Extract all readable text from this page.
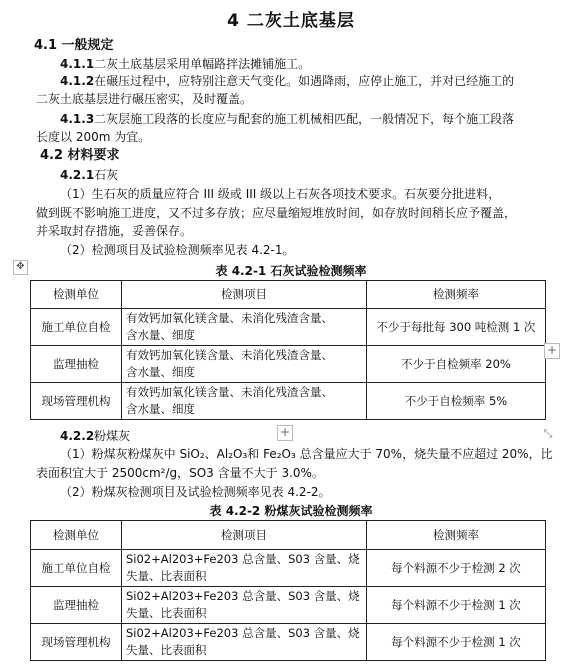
4 二灰土底基层
4.1 一般规定
4.1.1二灰土底基层采用单幅路拌法摊铺施工。
4.1.2在碾压过程中，应特别注意天气变化。如遇降雨，应停止施工，并对已经施工的
二灰土底基层进行碾压密实，及时覆盖。
4.1.3二灰层施工段落的长度应与配套的施工机械相匹配，一般情况下，每个施工段落
长度以 200m 为宜。
4.2 材料要求
4.2.1石灰
（1）生石灰的质量应符合 III 级或 III 级以上石灰各项技术要求。石灰要分批进料，
做到既不影响施工进度，又不过多存放；应尽量缩短堆放时间，如存放时间稍长应予覆盖，
并采取封存措施，妥善保存。
（2）检测项目及试验检测频率见表 4.2-1。
✥	表 4.2-1 石灰试验检测频率
检测单位	检测项目	检测频率
施工单位自检	有效钙加氧化镁含量、未消化残渣含量、
含水量、细度	不少于每批每 300 吨检测 1 次
监理抽检	有效钙加氧化镁含量、未消化残渣含量、
含水量、细度	不少于自检频率 20%
现场管理机构	有效钙加氧化镁含量、未消化残渣含量、
含水量、细度	不少于自检频率 5%
+
+	⤡
4.2.2粉煤灰
（1）粉煤灰粉煤灰中 SiO₂、Al₂O₃和 Fe₂O₃ 总含量应大于 70%，烧失量不应超过 20%，比
表面积宜大于 2500cm²/g，SO3 含量不大于 3.0%。
（2）粉煤灰检测项目及试验检测频率见表 4.2-2。
表 4.2-2 粉煤灰试验检测频率
检测单位	检测项目	检测频率
施工单位自检	Si02+Al203+Fe203 总含量、S03 含量、烧
失量、比表面积	每个料源不少于检测 2 次
监理抽检	Si02+Al203+Fe203 总含量、S03 含量、烧
失量、比表面积	每个料源不少于检测 1 次
现场管理机构	Si02+Al203+Fe203 总含量、S03 含量、烧
失量、比表面积	每个料源不少于检测 1 次
